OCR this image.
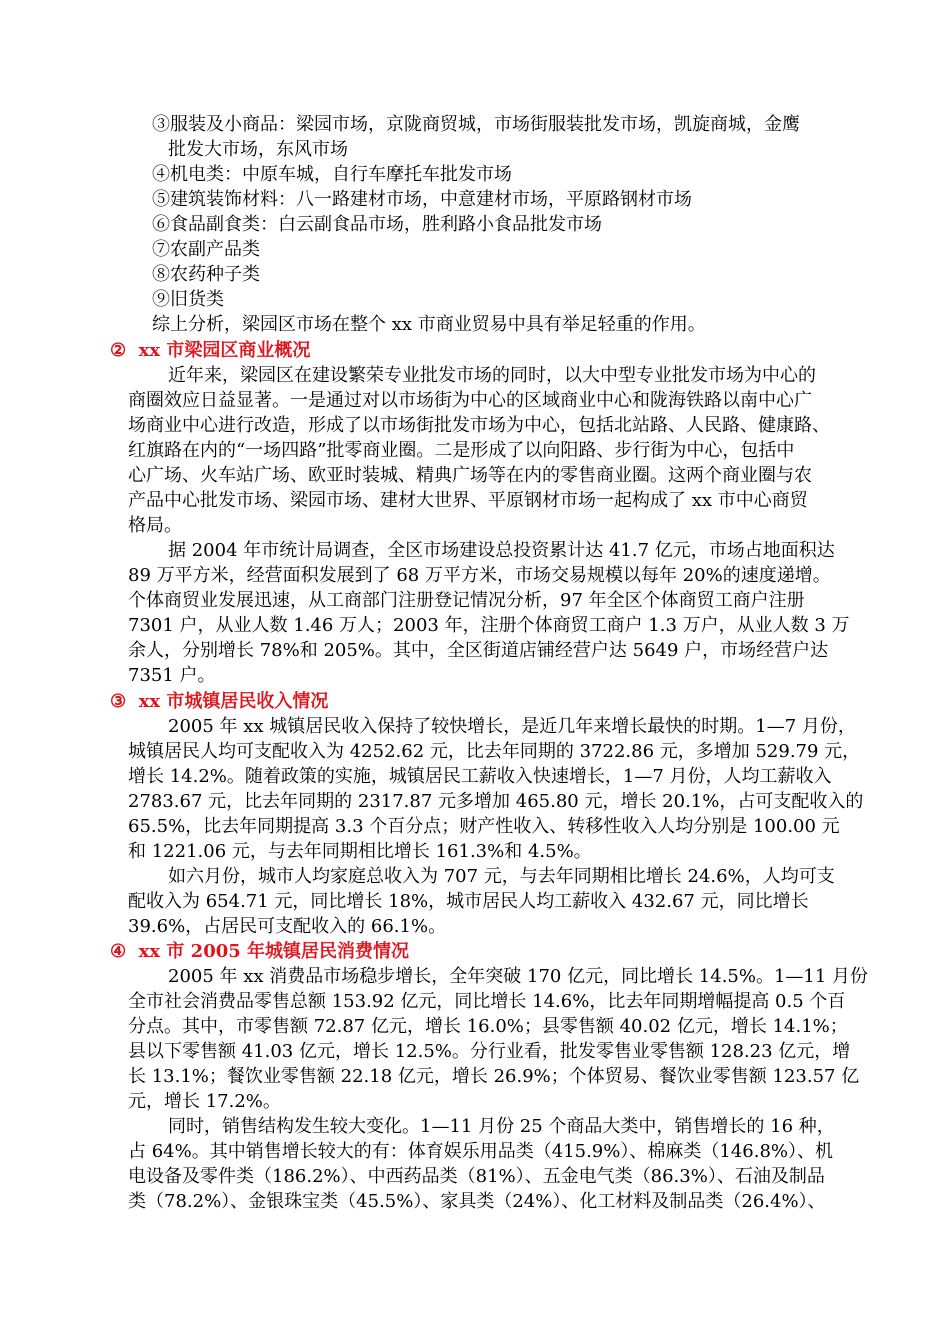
③服装及小商品：梁园市场，京陇商贸城，市场街服装批发市场，凯旋商城，金鹰
批发大市场，东风市场
④机电类：中原车城，自行车摩托车批发市场
⑤建筑装饰材料：八一路建材市场，中意建材市场，平原路钢材市场
⑥食品副食类：白云副食品市场，胜利路小食品批发市场
⑦农副产品类
⑧农药种子类
⑨旧货类
综上分析，梁园区市场在整个 xx 市商业贸易中具有举足轻重的作用。
②  xx 市梁园区商业概况
近年来，梁园区在建设繁荣专业批发市场的同时，以大中型专业批发市场为中心的
商圈效应日益显著。一是通过对以市场街为中心的区域商业中心和陇海铁路以南中心广
场商业中心进行改造，形成了以市场街批发市场为中心，包括北站路、人民路、健康路、
红旗路在内的“一场四路”批零商业圈。二是形成了以向阳路、步行街为中心，包括中
心广场、火车站广场、欧亚时装城、精典广场等在内的零售商业圈。这两个商业圈与农
产品中心批发市场、梁园市场、建材大世界、平原钢材市场一起构成了 xx 市中心商贸
格局。
据 2004 年市统计局调查，全区市场建设总投资累计达 41.7 亿元，市场占地面积达
89 万平方米，经营面积发展到了 68 万平方米，市场交易规模以每年 20%的速度递增。
个体商贸业发展迅速，从工商部门注册登记情况分析，97 年全区个体商贸工商户注册
7301 户，从业人数 1.46 万人；2003 年，注册个体商贸工商户 1.3 万户，从业人数 3 万
余人，分别增长 78%和 205%。其中，全区街道店铺经营户达 5649 户，市场经营户达
7351 户。
③  xx 市城镇居民收入情况
2005 年 xx 城镇居民收入保持了较快增长，是近几年来增长最快的时期。1—7 月份，
城镇居民人均可支配收入为 4252.62 元，比去年同期的 3722.86 元，多增加 529.79 元，
增长 14.2%。随着政策的实施，城镇居民工薪收入快速增长，1—7 月份，人均工薪收入
2783.67 元，比去年同期的 2317.87 元多增加 465.80 元，增长 20.1%，占可支配收入的
65.5%，比去年同期提高 3.3 个百分点；财产性收入、转移性收入人均分别是 100.00 元
和 1221.06 元，与去年同期相比增长 161.3%和 4.5%。
如六月份，城市人均家庭总收入为 707 元，与去年同期相比增长 24.6%，人均可支
配收入为 654.71 元，同比增长 18%，城市居民人均工薪收入 432.67 元，同比增长
39.6%，占居民可支配收入的 66.1%。
④  xx 市 2005 年城镇居民消费情况
2005 年 xx 消费品市场稳步增长，全年突破 170 亿元，同比增长 14.5%。1—11 月份
全市社会消费品零售总额 153.92 亿元，同比增长 14.6%，比去年同期增幅提高 0.5 个百
分点。其中，市零售额 72.87 亿元，增长 16.0%；县零售额 40.02 亿元，增长 14.1%；
县以下零售额 41.03 亿元，增长 12.5%。分行业看，批发零售业零售额 128.23 亿元，增
长 13.1%；餐饮业零售额 22.18 亿元，增长 26.9%；个体贸易、餐饮业零售额 123.57 亿
元，增长 17.2%。
同时，销售结构发生较大变化。1—11 月份 25 个商品大类中，销售增长的 16 种，
占 64%。其中销售增长较大的有：体育娱乐用品类（415.9%）、棉麻类（146.8%）、机
电设备及零件类（186.2%）、中西药品类（81%）、五金电气类（86.3%）、石油及制品
类（78.2%）、金银珠宝类（45.5%）、家具类（24%）、化工材料及制品类（26.4%）、
